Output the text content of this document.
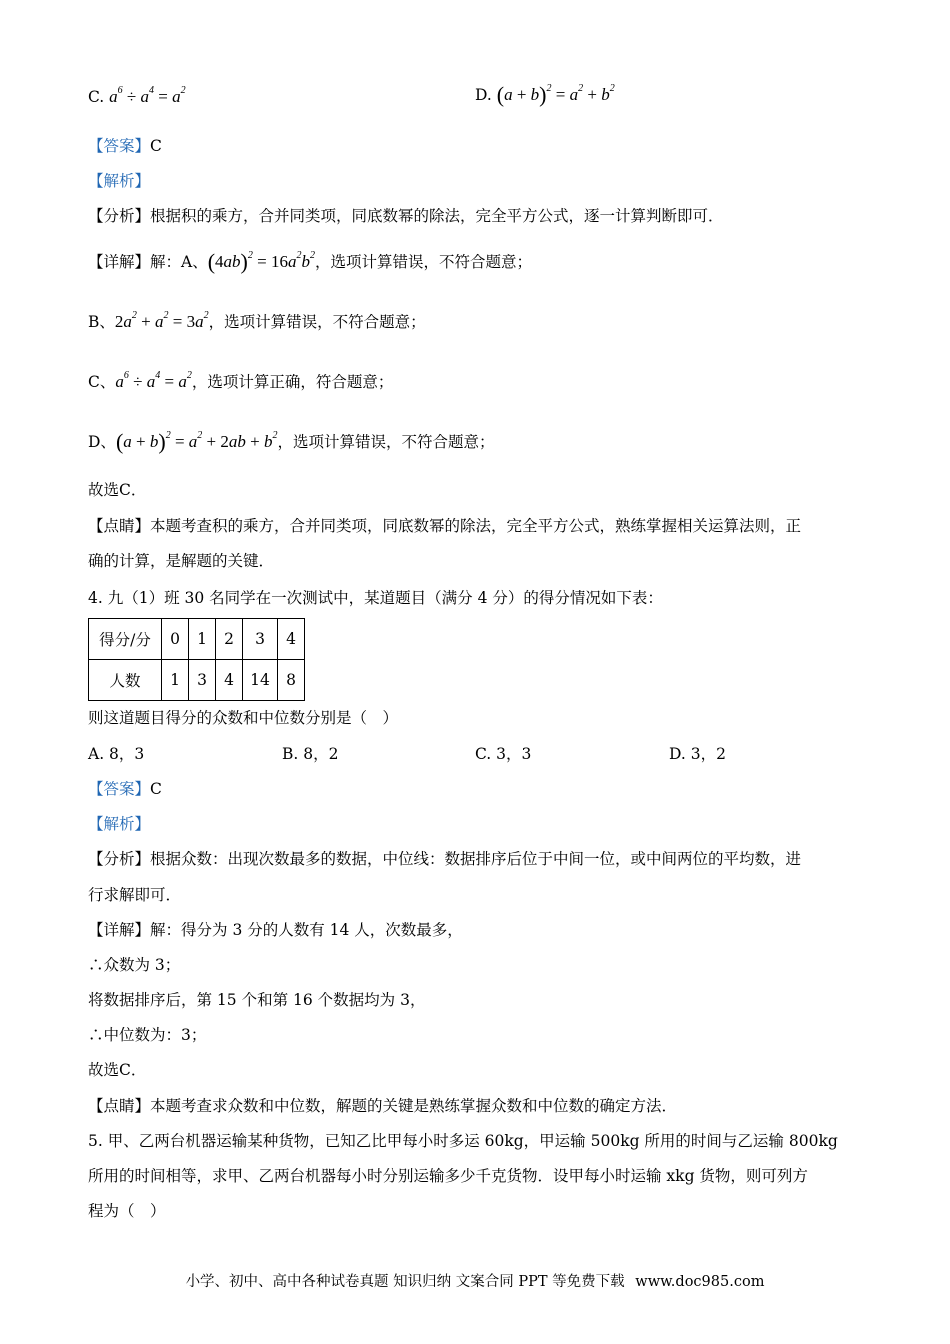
C. $a^6 \div a^4 = a^2$	D. $(a + b)^2 = a^2 + b^2$
【答案】C
【解析】
【分析】根据积的乘方，合并同类项，同底数幂的除法，完全平方公式，逐一计算判断即可．
【详解】解：A、$(4ab)^2 = 16a^2b^2$，选项计算错误，不符合题意；
B、$2a^2 + a^2 = 3a^2$，选项计算错误，不符合题意；
C、$a^6 \div a^4 = a^2$，选项计算正确，符合题意；
D、$(a + b)^2 = a^2 + 2ab + b^2$，选项计算错误，不符合题意；
故选C．
【点睛】本题考查积的乘方，合并同类项，同底数幂的除法，完全平方公式，熟练掌握相关运算法则，正
确的计算，是解题的关键．
4. 九（1）班 30 名同学在一次测试中，某道题目（满分 4 分）的得分情况如下表：
得分/分	0	1	2	3	4
人数	1	3	4	14	8
则这道题目得分的众数和中位数分别是（　）
A. 8，3	B. 8，2	C. 3，3	D. 3，2
【答案】C
【解析】
【分析】根据众数：出现次数最多的数据，中位线：数据排序后位于中间一位，或中间两位的平均数，进
行求解即可．
【详解】解：得分为 3 分的人数有 14 人，次数最多，
∴众数为 3；
将数据排序后，第 15 个和第 16 个数据均为 3，
∴中位数为：3；
故选C．
【点睛】本题考查求众数和中位数，解题的关键是熟练掌握众数和中位数的确定方法．
5. 甲、乙两台机器运输某种货物，已知乙比甲每小时多运 60kg，甲运输 500kg 所用的时间与乙运输 800kg
所用的时间相等，求甲、乙两台机器每小时分别运输多少千克货物．设甲每小时运输 xkg 货物，则可列方
程为（　）
小学、初中、高中各种试卷真题 知识归纳 文案合同 PPT 等免费下载 www.doc985.com
